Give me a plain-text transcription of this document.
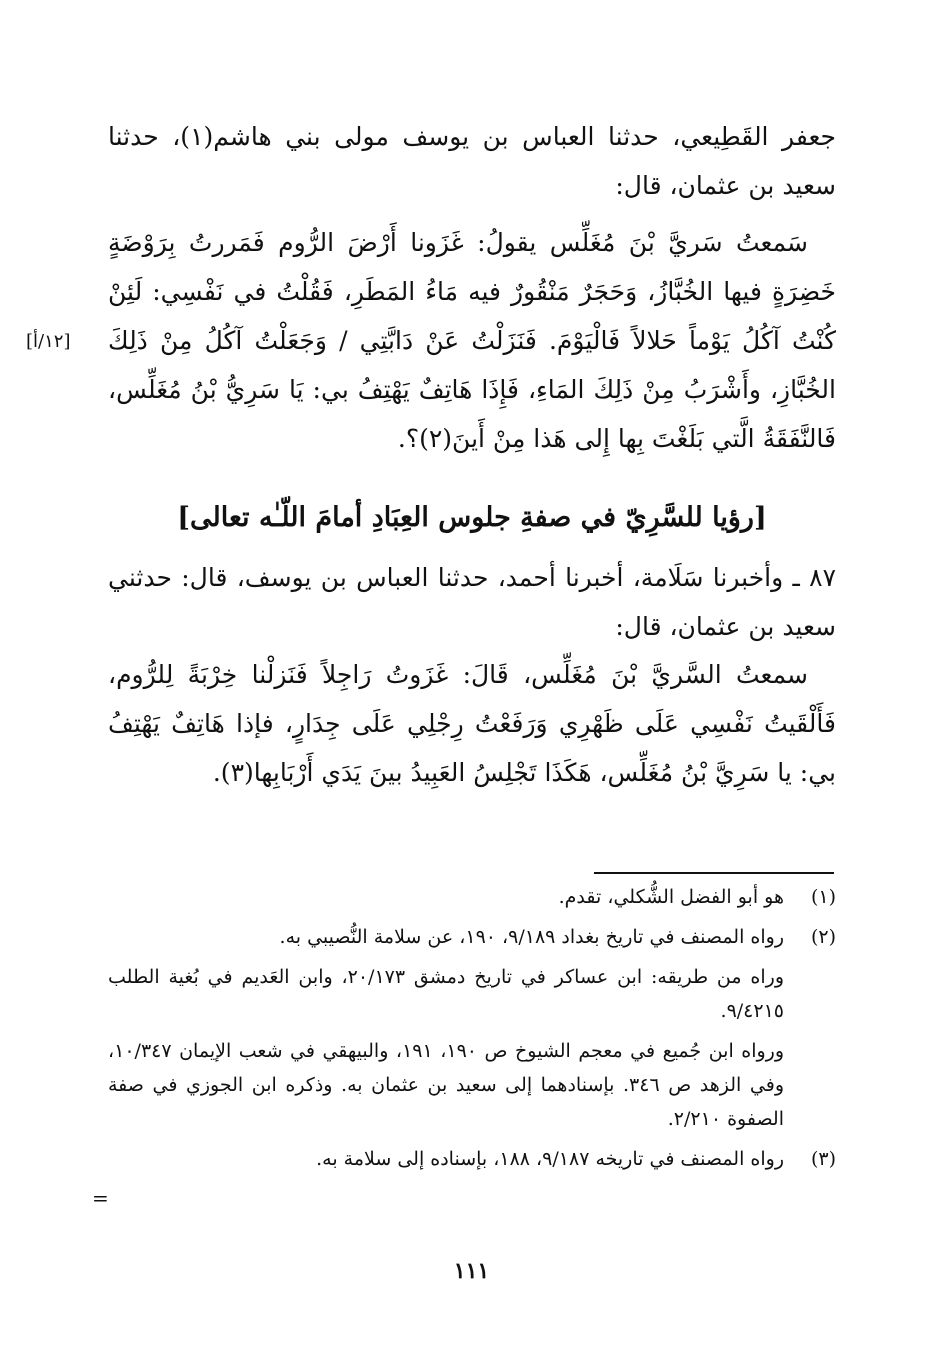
جعفر القَطِيعي، حدثنا العباس بن يوسف مولى بني هاشم(١)، حدثنا سعيد بن عثمان، قال:

سَمعتُ سَريَّ بْنَ مُغَلِّس يقولُ: غَزَونا أَرْضَ الرُّوم فَمَررتُ بِرَوْضَةٍ خَضِرَةٍ فيها الخُبَّازُ، وَحَجَرٌ مَنْقُورٌ فيه مَاءُ المَطَرِ، فَقُلْتُ في نَفْسِي: لَئِنْ كُنْتُ آكُلُ يَوْماً حَلالاً فَالْيَوْمَ. فَنَزَلْتُ عَنْ دَابَّتِي / وَجَعَلْتُ آكُلُ مِنْ ذَلِكَ الخُبَّازِ، وأَشْرَبُ مِنْ ذَلِكَ المَاءِ، فَإِذَا هَاتِفٌ يَهْتِفُ بي: يَا سَرِيُّ بْنُ مُغَلِّس، فَالنَّفَقَةُ الَّتي بَلَغْتَ بِها إِلى هَذا مِنْ أَينَ(٢)؟.

[١٢/أ]
[رؤيا للسَّرِيّ في صفةِ جلوس العِبَادِ أمامَ اللّـٰه تعالى]

٨٧ ـ وأخبرنا سَلَامة، أخبرنا أحمد، حدثنا العباس بن يوسف، قال: حدثني سعيد بن عثمان، قال:

سمعتُ السَّريَّ بْنَ مُغَلِّس، قَالَ: غَزَوتُ رَاجِلاً فَنَزلْنا خِرْبَةً لِلرُّوم، فَأَلْقَيتُ نَفْسِي عَلَى ظَهْرِي وَرَفَعْتُ رِجْلِي عَلَى جِدَارٍ، فإذا هَاتِفٌ يَهْتِفُ بي: يا سَرِيَّ بْنُ مُغَلِّس، هَكَذَا تَجْلِسُ العَبِيدُ بينَ يَدَي أَرْبَابِها(٣).

(١)

هو أبو الفضل الشُّكلي، تقدم.

(٢)

رواه المصنف في تاريخ بغداد ٩/١٨٩، ١٩٠، عن سلامة النُّصيبي به.

وراه من طريقه: ابن عساكر في تاريخ دمشق ٢٠/١٧٣، وابن العَديم في بُغية الطلب ٩/٤٢١٥.

ورواه ابن جُميع في معجم الشيوخ ص ١٩٠، ١٩١، والبيهقي في شعب الإيمان ١٠/٣٤٧، وفي الزهد ص ٣٤٦. بإسنادهما إلى سعيد بن عثمان به. وذكره ابن الجوزي في صفة الصفوة ٢/٢١٠.

(٣)

رواه المصنف في تاريخه ٩/١٨٧، ١٨٨، بإسناده إلى سلامة به.

=
١١١
